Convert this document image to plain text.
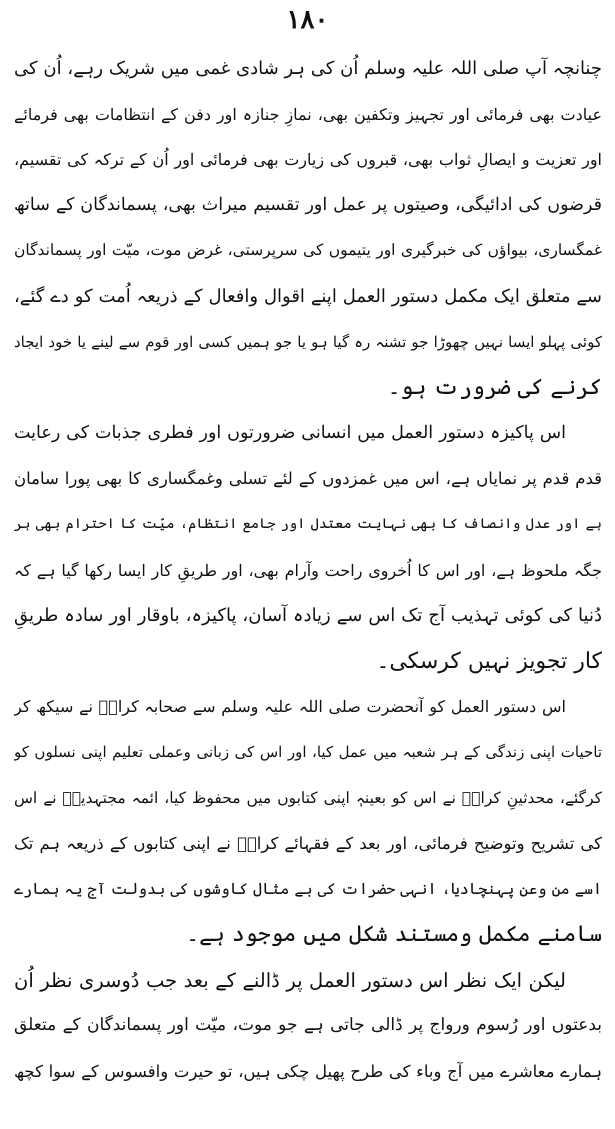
۱۸۰
چنانچہ آپ صلی اللہ علیہ وسلم اُن کی ہر شادی غمی میں شریک رہے، اُن کی
عیادت بھی فرمائی اور تجہیز وتکفین بھی، نمازِ جنازہ اور دفن کے انتظامات بھی فرمائے
اور تعزیت و ایصالِ ثواب بھی، قبروں کی زیارت بھی فرمائی اور اُن کے ترکہ کی تقسیم،
قرضوں کی ادائیگی، وصیتوں پر عمل اور تقسیم میراث بھی، پسماندگان کے ساتھ
غمگساری، بیواؤں کی خبرگیری اور یتیموں کی سرپرستی، غرض موت، میّت اور پسماندگان
سے متعلق ایک مکمل دستور العمل اپنے اقوال وافعال کے ذریعہ اُمت کو دے گئے،
کوئی پہلو ایسا نہیں چھوڑا جو تشنہ رہ گیا ہو یا جو ہمیں کسی اور قوم سے لینے یا خود ایجاد
کرنے کی ضرورت ہو۔
اس پاکیزہ دستور العمل میں انسانی ضرورتوں اور فطری جذبات کی رعایت
قدم قدم پر نمایاں ہے، اس میں غمزدوں کے لئے تسلی وغمگساری کا بھی پورا سامان
ہے اور عدل وانصاف کا بھی نہایت معتدل اور جامع انتظام، میّت کا احترام بھی ہر
جگہ ملحوظ ہے، اور اس کا اُخروی راحت وآرام بھی، اور طریقِ کار ایسا رکھا گیا ہے کہ
دُنیا کی کوئی تہذیب آج تک اس سے زیادہ آسان، پاکیزہ، باوقار اور سادہ طریقِ
کار تجویز نہیں کرسکی۔
اس دستور العمل کو آنحضرت صلی اللہ علیہ وسلم سے صحابہ کرامؓ نے سیکھ کر
تاحیات اپنی زندگی کے ہر شعبہ میں عمل کیا، اور اس کی زبانی وعملی تعلیم اپنی نسلوں کو
کرگئے، محدثینِ کرامؒ نے اس کو بعینہٖ اپنی کتابوں میں محفوظ کیا، ائمہ مجتہدینؒ نے اس
کی تشریح وتوضیح فرمائی، اور بعد کے فقہائے کرامؒ نے اپنی کتابوں کے ذریعہ ہم تک
اسے من وعن پہنچادیا، انہی حضرات کی بے مثال کاوشوں کی بدولت آج یہ ہمارے
سامنے مکمل ومستند شکل میں موجود ہے۔
لیکن ایک نظر اس دستور العمل پر ڈالنے کے بعد جب دُوسری نظر اُن
بدعتوں اور رُسوم ورواج پر ڈالی جاتی ہے جو موت، میّت اور پسماندگان کے متعلق
ہمارے معاشرے میں آج وباء کی طرح پھیل چکی ہیں، تو حیرت وافسوس کے سوا کچھ
